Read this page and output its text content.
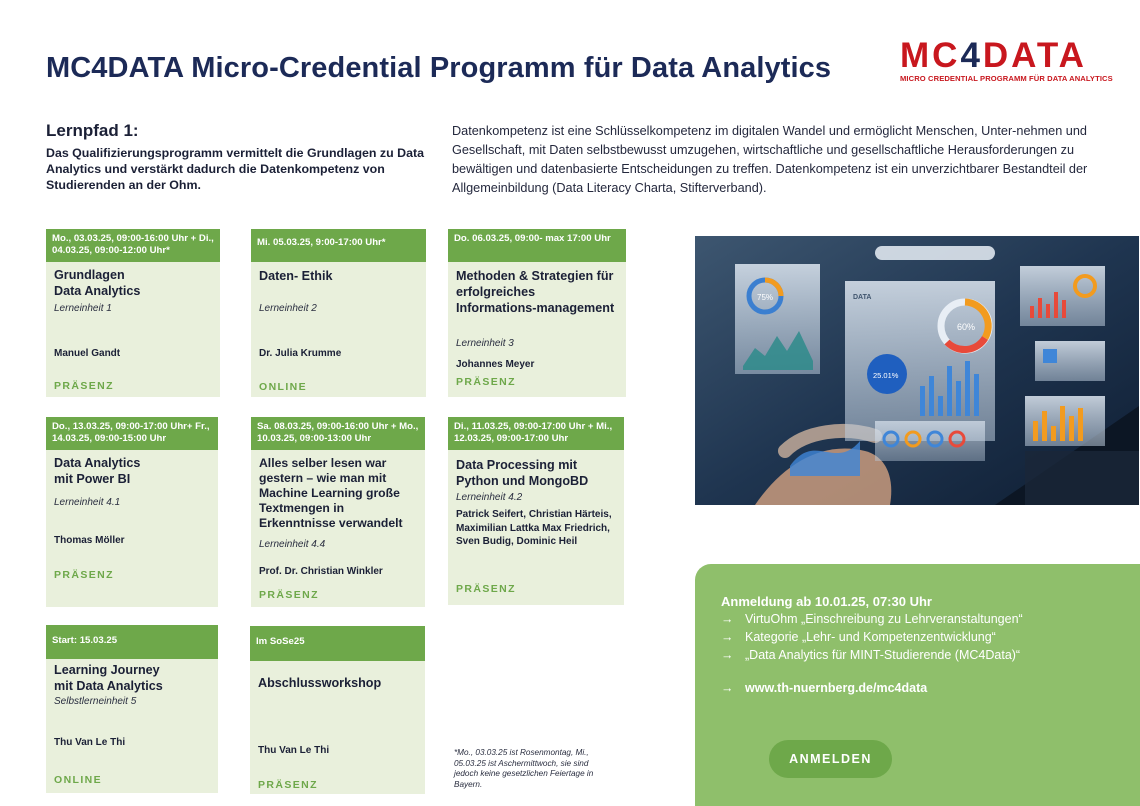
MC4DATA Micro-Credential Programm für Data Analytics MC4DATA
MICRO CREDENTIAL PROGRAMM FÜR DATA ANALYTICS
Lernpfad 1:
Das Qualifizierungsprogramm vermittelt die Grundlagen zu Data Analytics und verstärkt dadurch die Datenkompetenz von Studierenden an der Ohm.
Datenkompetenz ist eine Schlüsselkompetenz im digitalen Wandel und ermöglicht Menschen, Unter-nehmen und Gesellschaft, mit Daten selbstbewusst umzugehen, wirtschaftliche und gesellschaftliche Herausforderungen zu bewältigen und datenbasierte Entscheidungen zu treffen. Datenkompetenz ist ein unverzichtbarer Bestandteil der Allgemeinbildung (Data Literacy Charta, Stifterverband).
Mo., 03.03.25, 09:00-16:00 Uhr + Di., 04.03.25, 09:00-12:00 Uhr*
Grundlagen
Data Analytics
Lerneinheit 1
Manuel Gandt
PRÄSENZ
Mi. 05.03.25, 9:00-17:00 Uhr*
Daten- Ethik
Lerneinheit 2
Dr. Julia Krumme
ONLINE
Do. 06.03.25, 09:00- max 17:00 Uhr
Methoden & Strategien für erfolgreiches Informations-management
Lerneinheit 3
Johannes Meyer
PRÄSENZ
Do., 13.03.25, 09:00-17:00 Uhr+ Fr., 14.03.25, 09:00-15:00 Uhr
Data Analytics
mit Power BI
Lerneinheit 4.1
Thomas Möller
PRÄSENZ
Sa. 08.03.25, 09:00-16:00 Uhr + Mo., 10.03.25, 09:00-13:00 Uhr
Alles selber lesen war gestern – wie man mit Machine Learning große Textmengen in Erkenntnisse verwandelt
Lerneinheit 4.4
Prof. Dr. Christian Winkler
PRÄSENZ
Di., 11.03.25, 09:00-17:00 Uhr + Mi., 12.03.25, 09:00-17:00 Uhr
Data Processing mit Python und MongoBD
Lerneinheit 4.2
Patrick Seifert, Christian Härteis, Maximilian Lattka Max Friedrich, Sven Budig, Dominic Heil
PRÄSENZ
Start: 15.03.25
Learning Journey
mit Data Analytics
Selbstlerneinheit 5
Thu Van Le Thi
ONLINE
Im SoSe25
Abschlussworkshop
Thu Van Le Thi
PRÄSENZ
*Mo., 03.03.25 ist Rosenmontag, Mi., 05.03.25 ist Aschermittwoch, sie sind jedoch keine gesetzlichen Feiertage in Bayern.
75%	DATA
60%
25.01%
Anmeldung ab 10.01.25, 07:30 Uhr
→ VirtuOhm „Einschreibung zu Lehrveranstaltungen“
→ Kategorie „Lehr- und Kompetenzentwicklung“
→ „Data Analytics für MINT-Studierende (MC4Data)“
→ www.th-nuernberg.de/mc4data
ANMELDEN
